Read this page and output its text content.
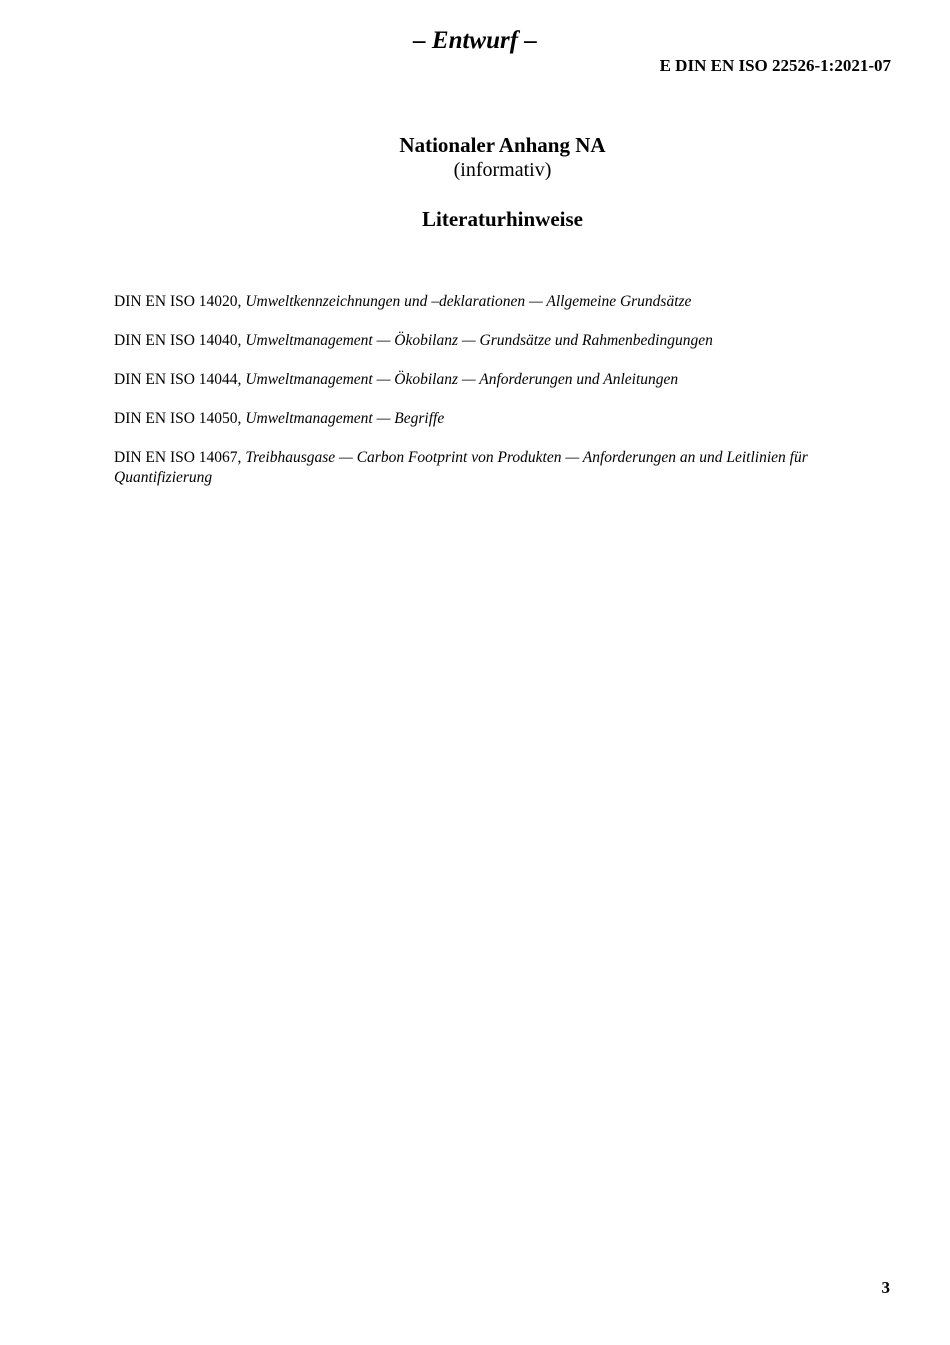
– Entwurf –
E DIN EN ISO 22526-1:2021-07
Nationaler Anhang NA
(informativ)
Literaturhinweise
DIN EN ISO 14020, Umweltkennzeichnungen und –deklarationen — Allgemeine Grundsätze
DIN EN ISO 14040, Umweltmanagement — Ökobilanz — Grundsätze und Rahmenbedingungen
DIN EN ISO 14044, Umweltmanagement — Ökobilanz — Anforderungen und Anleitungen
DIN EN ISO 14050, Umweltmanagement — Begriffe
DIN EN ISO 14067, Treibhausgase — Carbon Footprint von Produkten — Anforderungen an und Leitlinien für Quantifizierung
3
